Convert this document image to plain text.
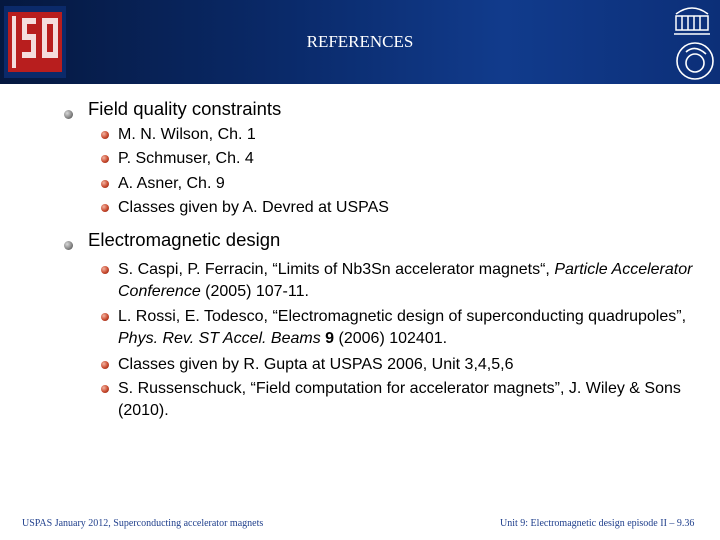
REFERENCES
Field quality constraints
M. N. Wilson, Ch. 1
P. Schmuser, Ch. 4
A. Asner, Ch. 9
Classes given by A. Devred at USPAS
Electromagnetic design
S. Caspi, P. Ferracin, “Limits of Nb3Sn accelerator magnets“, Particle Accelerator Conference (2005) 107-11.
L. Rossi, E. Todesco, “Electromagnetic design of superconducting quadrupoles”, Phys. Rev. ST Accel. Beams 9 (2006) 102401.
Classes given by R. Gupta at USPAS 2006, Unit 3,4,5,6
S. Russenschuck, “Field computation for accelerator magnets”, J. Wiley & Sons (2010).
USPAS January 2012, Superconducting accelerator magnets	Unit 9: Electromagnetic design episode II – 9.36
